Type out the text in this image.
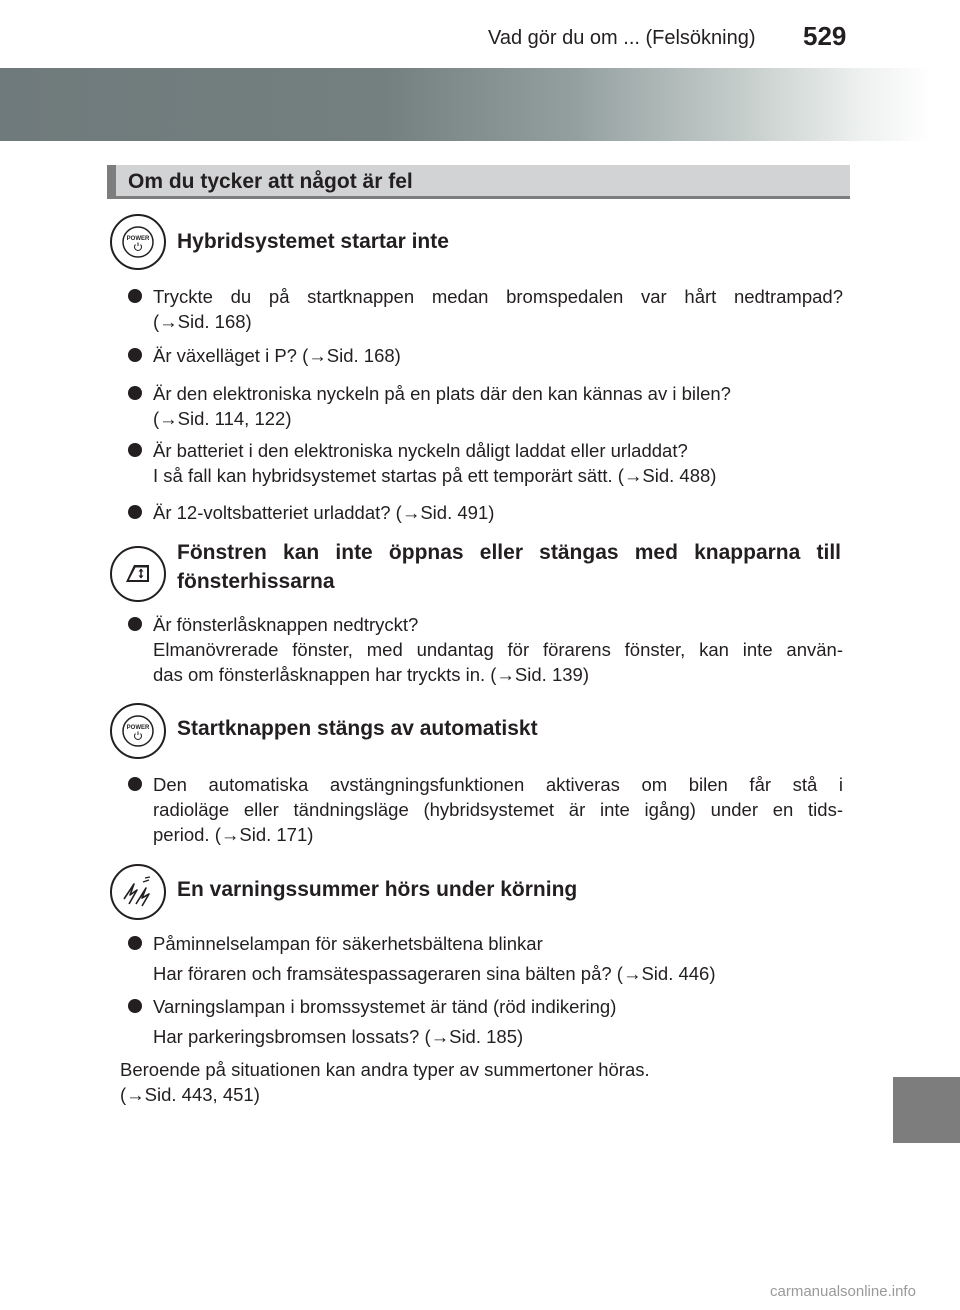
Vad gör du om ... (Felsökning) 529
Om du tycker att något är fel
POWER Hybridsystemet startar inte
Tryckte du på startknappen medan bromspedalen var hårt nedtrampad?
(→Sid. 168)
Är växelläget i P? (→Sid. 168)
Är den elektroniska nyckeln på en plats där den kan kännas av i bilen?
(→Sid. 114, 122)
Är batteriet i den elektroniska nyckeln dåligt laddat eller urladdat?
I så fall kan hybridsystemet startas på ett temporärt sätt. (→Sid. 488)
Är 12-voltsbatteriet urladdat? (→Sid. 491)
Fönstren kan inte öppnas eller stängas med knapparna till
fönsterhissarna
Är fönsterlåsknappen nedtryckt?
Elmanövrerade fönster, med undantag för förarens fönster, kan inte använ-
das om fönsterlåsknappen har tryckts in. (→Sid. 139)
POWER Startknappen stängs av automatiskt
Den automatiska avstängningsfunktionen aktiveras om bilen får stå i
radioläge eller tändningsläge (hybridsystemet är inte igång) under en tids-
period. (→Sid. 171)
En varningssummer hörs under körning
Påminnelselampan för säkerhetsbältena blinkar
Har föraren och framsätespassageraren sina bälten på? (→Sid. 446)
Varningslampan i bromssystemet är tänd (röd indikering)
Har parkeringsbromsen lossats? (→Sid. 185)
Beroende på situationen kan andra typer av summertoner höras.
(→Sid. 443, 451)
carmanualsonline.info
